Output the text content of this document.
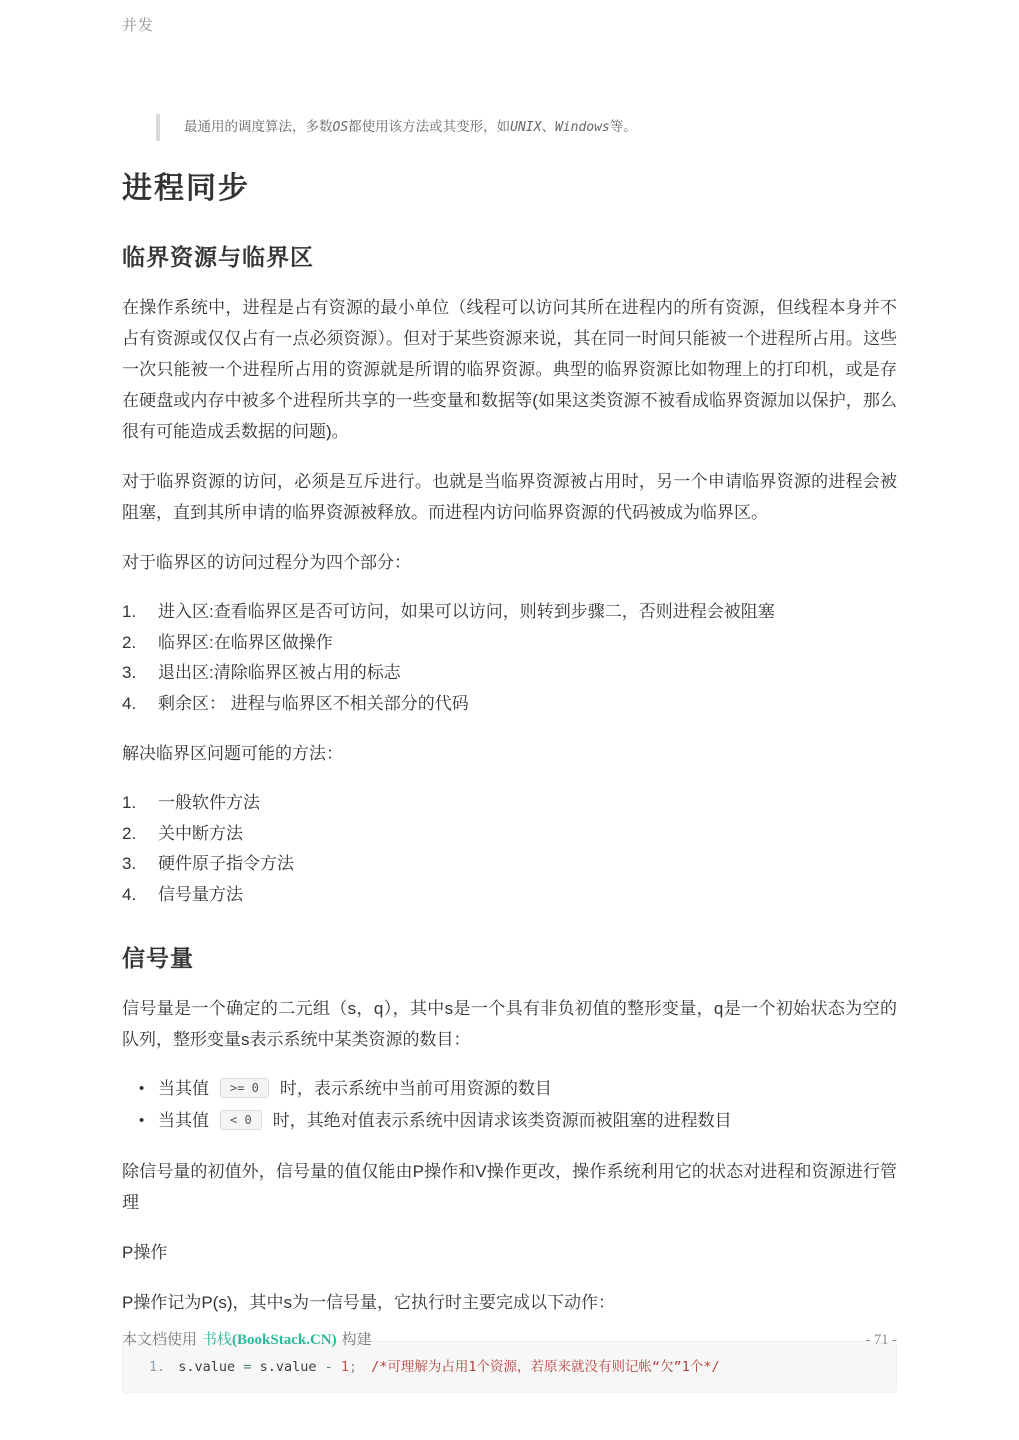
并发
最通用的调度算法，多数OS都使用该方法或其变形，如UNIX、Windows等。
进程同步
临界资源与临界区

在操作系统中，进程是占有资源的最小单位（线程可以访问其所在进程内的所有资源，但线程本身并不占有资源或仅仅占有一点必须资源）。但对于某些资源来说，其在同一时间只能被一个进程所占用。这些一次只能被一个进程所占用的资源就是所谓的临界资源。典型的临界资源比如物理上的打印机，或是存在硬盘或内存中被多个进程所共享的一些变量和数据等(如果这类资源不被看成临界资源加以保护，那么很有可能造成丢数据的问题)。

对于临界资源的访问，必须是互斥进行。也就是当临界资源被占用时，另一个申请临界资源的进程会被阻塞，直到其所申请的临界资源被释放。而进程内访问临界资源的代码被成为临界区。

对于临界区的访问过程分为四个部分：

1.	进入区:查看临界区是否可访问，如果可以访问，则转到步骤二，否则进程会被阻塞
2.	临界区:在临界区做操作
3.	退出区:清除临界区被占用的标志
4.	剩余区： 进程与临界区不相关部分的代码

解决临界区问题可能的方法：

1.	一般软件方法
2.	关中断方法
3.	硬件原子指令方法
4.	信号量方法
信号量

信号量是一个确定的二元组（s，q），其中s是一个具有非负初值的整形变量，q是一个初始状态为空的队列，整形变量s表示系统中某类资源的数目：

• 当其值 >= 0 时，表示系统中当前可用资源的数目
• 当其值 < 0 时，其绝对值表示系统中因请求该类资源而被阻塞的进程数目

除信号量的初值外，信号量的值仅能由P操作和V操作更改，操作系统利用它的状态对进程和资源进行管理

P操作

P操作记为P(s)，其中s为一信号量，它执行时主要完成以下动作：

1. s.value = s.value - 1; /*可理解为占用1个资源，若原来就没有则记帐“欠”1个*/
本文档使用 书栈(BookStack.CN) 构建	- 71 -
